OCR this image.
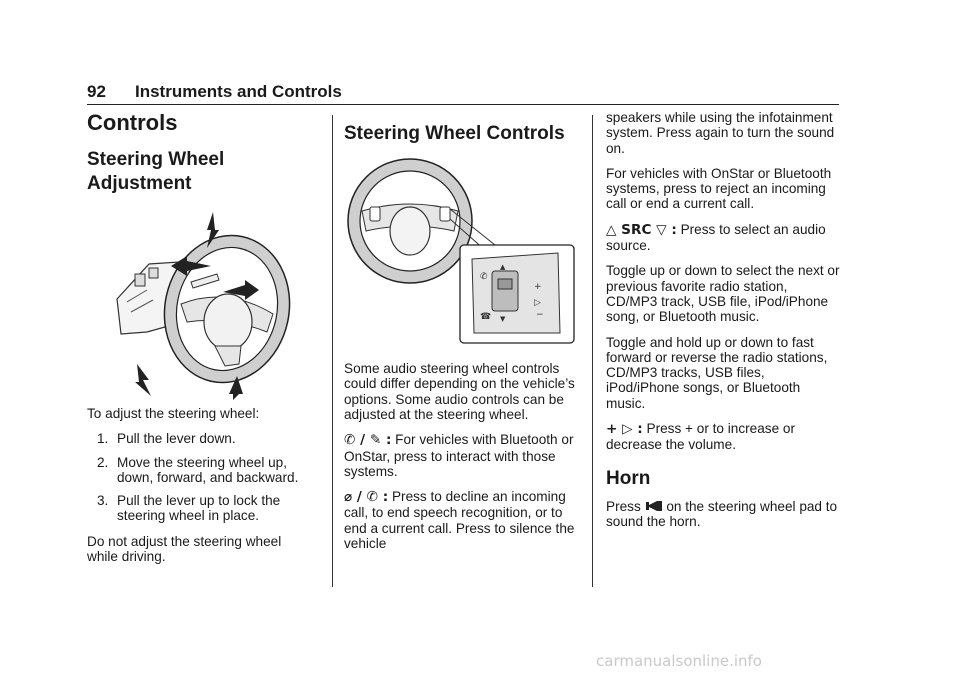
92 Instruments and Controls
Controls
Steering Wheel Adjustment

To adjust the steering wheel:

1. Pull the lever down.
2. Move the steering wheel up, down, forward, and backward.
3. Pull the lever up to lock the steering wheel in place.

Do not adjust the steering wheel while driving.

Steering Wheel Controls
✆
☎
+
▷
−
▲
▼

Some audio steering wheel controls could differ depending on the vehicle’s options. Some audio controls can be adjusted at the steering wheel.

✆ / ✎ : For vehicles with Bluetooth or OnStar, press to interact with those systems.

⌀ / ✆ : Press to decline an incoming call, to end speech recognition, or to end a current call. Press to silence the vehicle

speakers while using the infotainment system. Press again to turn the sound on.

For vehicles with OnStar or Bluetooth systems, press to reject an incoming call or end a current call.

△ SRC ▽ : Press to select an audio source.

Toggle up or down to select the next or previous favorite radio station, CD/MP3 track, USB file, iPod/iPhone song, or Bluetooth music.

Toggle and hold up or down to fast forward or reverse the radio stations, CD/MP3 tracks, USB files, iPod/iPhone songs, or Bluetooth music.

+ ▷ : Press + or to increase or decrease the volume.

Horn

Press on the steering wheel pad to sound the horn.

carmanualsonline.info
